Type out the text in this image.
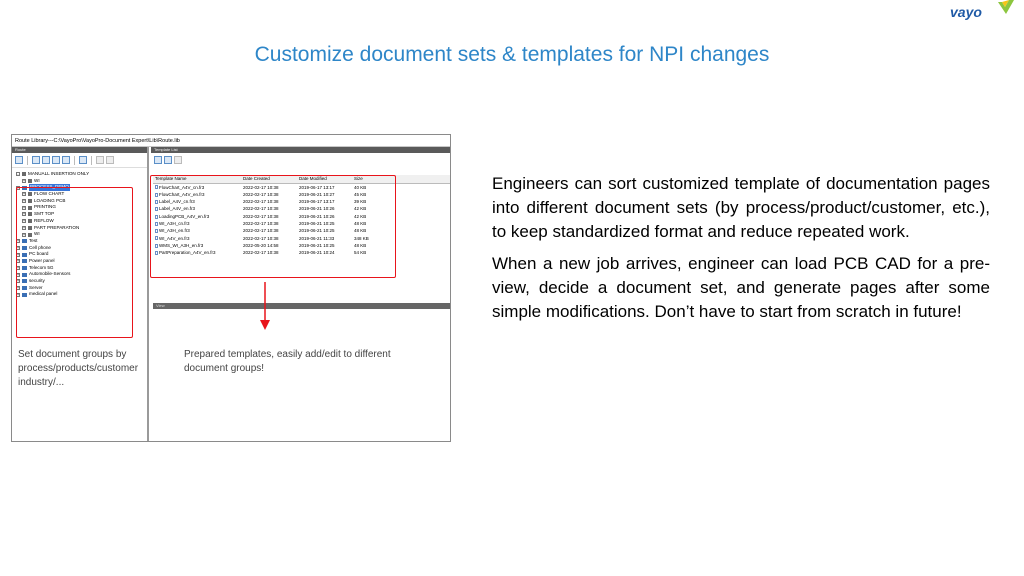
vayo
Customize document sets & templates for NPI changes
Route Library---C:\VayoPro\VayoPro-Document Expert\Lib\Route.lib
Route
-	MANUALL INSERTION ONLY
+ WI
-	PROCESS_DEMO
+ FLOW CHART
+ LOADING PCB
+ PRINTING
+ SMT TOP
+ REFLOW
+ PART PREPARATION
+ WI
+ Test
+ Cell phone
+ PC board
+ Power panel
+ Telecom 5G
+ Automobile-Sensors
+ security
+ Server
+ medical panel
Template List
Template Name	Date Created	Date Modified	Size
FlowChart_A4V_cn.fr3	2022-02-17 10:38	2019-06-17 13:17	40 KB
FlowChart_A4V_en.fr3	2022-02-17 10:38	2019-06-21 10:27	45 KB
Label_A4V_cn.fr3	2022-02-17 10:38	2019-06-17 13:17	39 KB
Label_A4V_en.fr3	2022-02-17 10:38	2019-06-21 10:26	42 KB
LoadingPCB_A4V_en.fr3	2022-02-17 10:38	2019-06-21 10:26	42 KB
WI_A3H_cn.fr3	2022-02-17 10:38	2019-06-21 10:25	48 KB
WI_A3H_en.fr3	2022-02-17 10:38	2019-06-21 10:25	48 KB
WI_A4V_en.fr3	2022-02-17 10:38	2019-06-21 11:33	348 KB
WMS_WI_A3H_en.fr3	2022-05-20 14:58	2019-06-21 10:25	48 KB
PartPreparation_A4V_en.fr3	2022-02-17 10:38	2019-06-21 10:24	54 KB
View
Set document groups by process/products/customer industry/...
Prepared templates, easily add/edit to different document groups!

Engineers can sort customized template of documentation pages into different document sets (by process/product/customer, etc.), to keep standardized format and reduce repeated work.

When a new job arrives, engineer can load PCB CAD for a pre-view, decide a document set, and generate pages after some simple modifications. Don’t have to start from scratch in future!
